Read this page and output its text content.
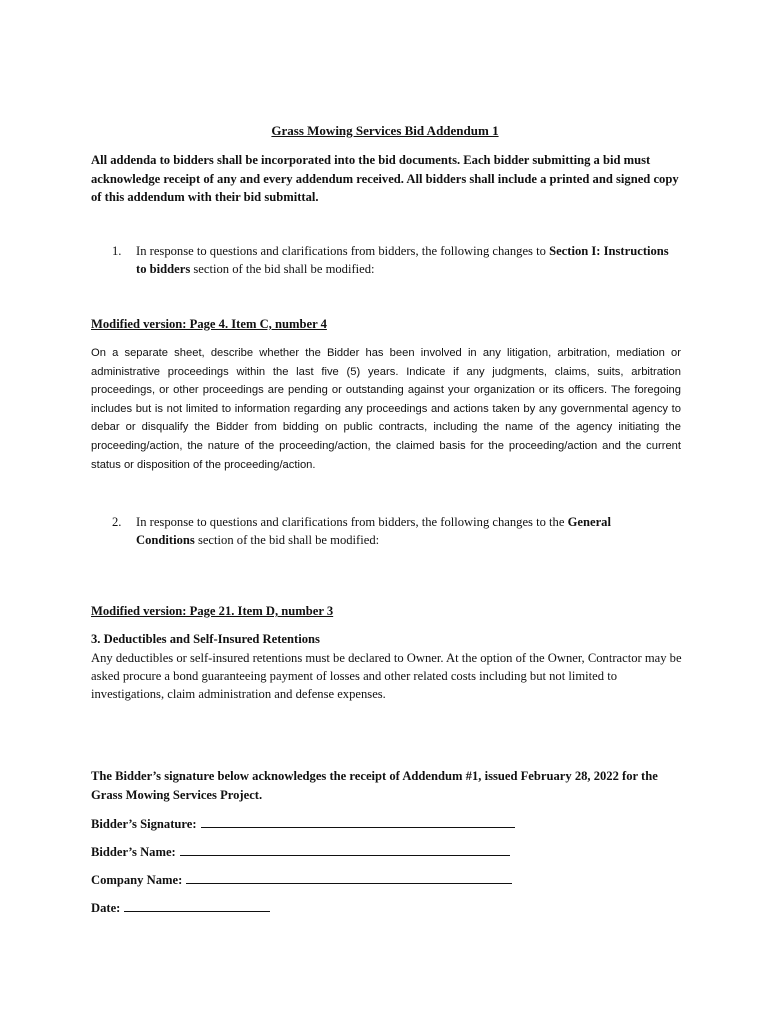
Grass Mowing Services Bid Addendum 1
All addenda to bidders shall be incorporated into the bid documents. Each bidder submitting a bid must acknowledge receipt of any and every addendum received. All bidders shall include a printed and signed copy of this addendum with their bid submittal.
1. In response to questions and clarifications from bidders, the following changes to Section I: Instructions to bidders section of the bid shall be modified:
Modified version: Page 4. Item C, number 4
On a separate sheet, describe whether the Bidder has been involved in any litigation, arbitration, mediation or administrative proceedings within the last five (5) years. Indicate if any judgments, claims, suits, arbitration proceedings, or other proceedings are pending or outstanding against your organization or its officers. The foregoing includes but is not limited to information regarding any proceedings and actions taken by any governmental agency to debar or disqualify the Bidder from bidding on public contracts, including the name of the agency initiating the proceeding/action, the nature of the proceeding/action, the claimed basis for the proceeding/action and the current status or disposition of the proceeding/action.
2. In response to questions and clarifications from bidders, the following changes to the General Conditions section of the bid shall be modified:
Modified version: Page 21. Item D, number 3
3. Deductibles and Self-Insured Retentions
Any deductibles or self-insured retentions must be declared to Owner. At the option of the Owner, Contractor may be asked procure a bond guaranteeing payment of losses and other related costs including but not limited to investigations, claim administration and defense expenses.
The Bidder’s signature below acknowledges the receipt of Addendum #1, issued February 28, 2022 for the Grass Mowing Services Project.
Bidder’s Signature:
Bidder’s Name:
Company Name:
Date:
